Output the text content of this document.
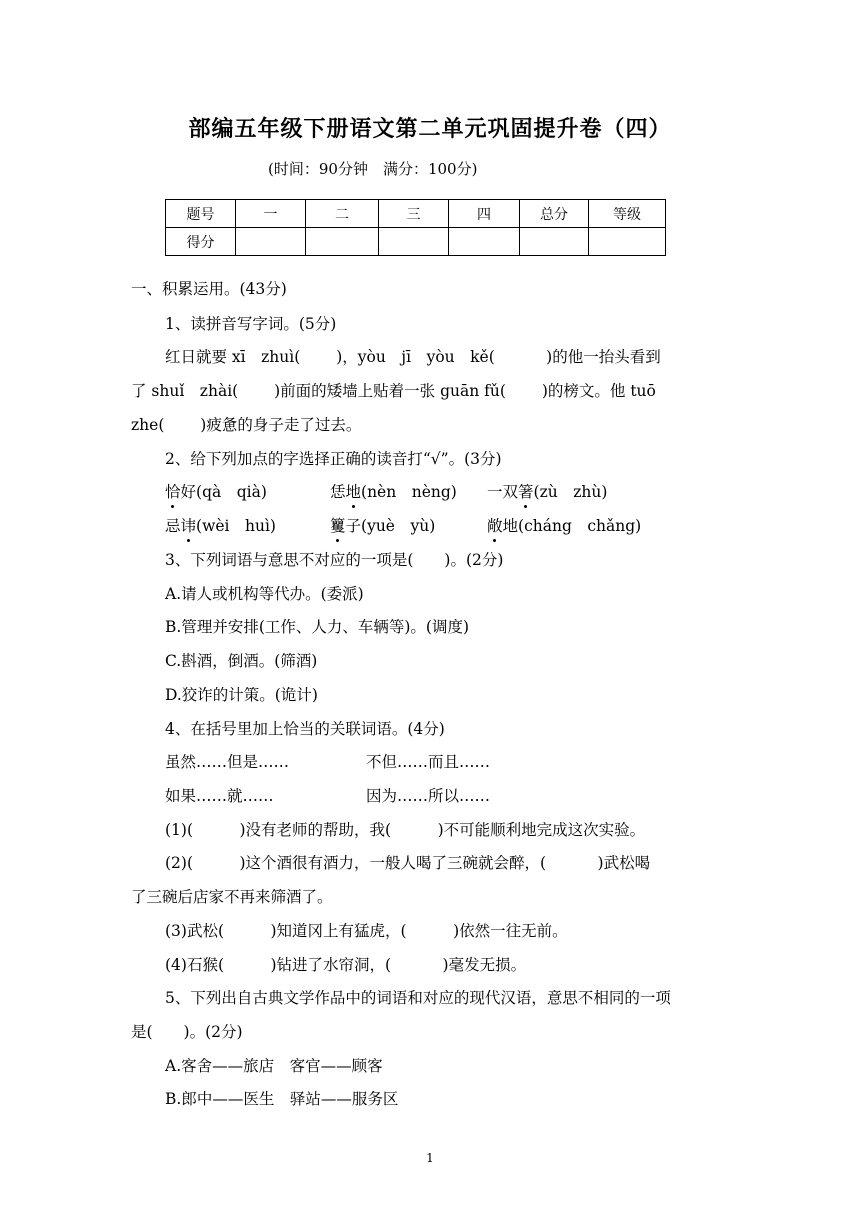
部编五年级下册语文第二单元巩固提升卷（四）
(时间：90分钟　满分：100分)
题号	一	二	三	四	总分	等级
得分						
一、积累运用。(43分)
1、读拼音写字词。(5分)
红日就要 xī　zhuì(　　 )，yòu　jī　yòu　kě(　　　 )的他一抬头看到
了 shuǐ　zhài(　　 )前面的矮墙上贴着一张 guān fǔ(　　 )的榜文。他 tuō
zhe(　　 )疲惫的身子走了过去。
2、给下列加点的字选择正确的读音打“√”。(3分)
恰好(qà　qià)	恁地(nèn　nèng) 一双箸(zù　zhù)
忌讳(wèi　huì)	籰子(yuè　yù)	敞地(cháng　chǎng)
3、下列词语与意思不对应的一项是(　　)。(2分)
A.请人或机构等代办。(委派)
B.管理并安排(工作、人力、车辆等)。(调度)
C.斟酒，倒酒。(筛酒)
D.狡诈的计策。(诡计)
4、在括号里加上恰当的关联词语。(4分)
虽然……但是……	不但……而且……
如果……就……	因为……所以……
(1)(　　　)没有老师的帮助，我(　　　)不可能顺利地完成这次实验。
(2)(　　　)这个酒很有酒力，一般人喝了三碗就会醉，(　　　 )武松喝
了三碗后店家不再来筛酒了。
(3)武松(　　　)知道冈上有猛虎，(　　　)依然一往无前。
(4)石猴(　　　)钻进了水帘洞，(　　　 )毫发无损。
5、下列出自古典文学作品中的词语和对应的现代汉语，意思不相同的一项
是(　　)。(2分)
A.客舍——旅店　客官——顾客
B.郎中——医生　驿站——服务区
1
